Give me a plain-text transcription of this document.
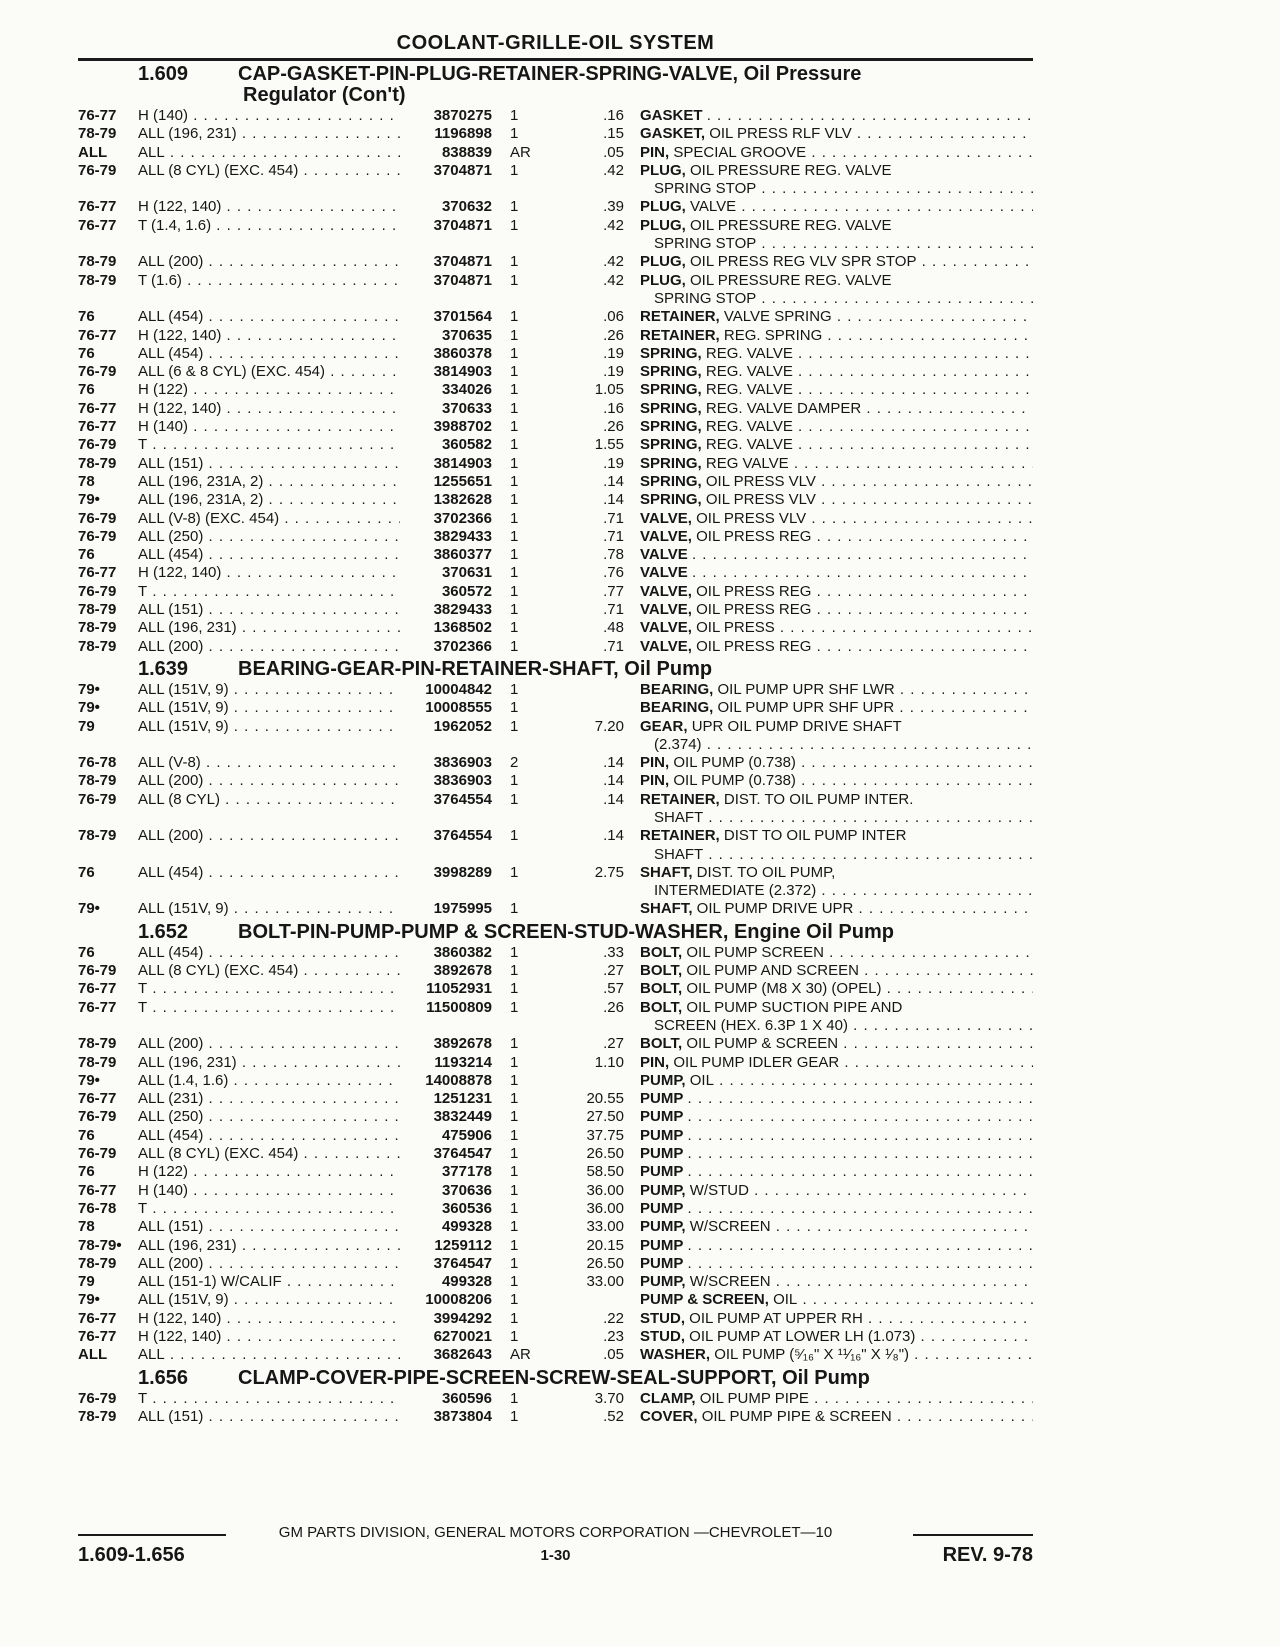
COOLANT-GRILLE-OIL SYSTEM
1.609 CAP-GASKET-PIN-PLUG-RETAINER-SPRING-VALVE, Oil Pressure
Regulator (Con't)
76-77	H (140) . . .	3870275 1	.16 GASKET . . .
78-79	ALL (196, 231) . . .	1196898 1	.15 GASKET, OIL PRESS RLF VLV . . .
ALL	ALL . . .	838839 AR	.05 PIN, SPECIAL GROOVE . . .
76-79	ALL (8 CYL) (EXC. 454) . . .	3704871 1	.42 PLUG, OIL PRESSURE REG. VALVE
SPRING STOP . . .
76-77	H (122, 140) . . .	370632 1	.39 PLUG, VALVE . . .
76-77	T (1.4, 1.6) . . .	3704871 1	.42 PLUG, OIL PRESSURE REG. VALVE
SPRING STOP . . .
78-79	ALL (200) . . .	3704871 1	.42 PLUG, OIL PRESS REG VLV SPR STOP . . .
78-79	T (1.6) . . .	3704871 1	.42 PLUG, OIL PRESSURE REG. VALVE
SPRING STOP . . .
76	ALL (454) . . .	3701564 1	.06 RETAINER, VALVE SPRING . . .
76-77	H (122, 140) . . .	370635 1	.26 RETAINER, REG. SPRING . . .
76	ALL (454) . . .	3860378 1	.19 SPRING, REG. VALVE . . .
76-79	ALL (6 & 8 CYL) (EXC. 454) . . .	3814903 1	.19 SPRING, REG. VALVE . . .
76	H (122) . . .	334026 1	1.05 SPRING, REG. VALVE . . .
76-77	H (122, 140) . . .	370633 1	.16 SPRING, REG. VALVE DAMPER . . .
76-77	H (140) . . .	3988702 1	.26 SPRING, REG. VALVE . . .
76-79	T . . .	360582 1	1.55 SPRING, REG. VALVE . . .
78-79	ALL (151) . . .	3814903 1	.19 SPRING, REG VALVE . . .
78	ALL (196, 231A, 2) . . .	1255651 1	.14 SPRING, OIL PRESS VLV . . .
79•	ALL (196, 231A, 2) . . .	1382628 1	.14 SPRING, OIL PRESS VLV . . .
76-79	ALL (V-8) (EXC. 454) . . .	3702366 1	.71 VALVE, OIL PRESS VLV . . .
76-79	ALL (250) . . .	3829433 1	.71 VALVE, OIL PRESS REG . . .
76	ALL (454) . . .	3860377 1	.78 VALVE . . .
76-77	H (122, 140) . . .	370631 1	.76 VALVE . . .
76-79	T . . .	360572 1	.77 VALVE, OIL PRESS REG . . .
78-79	ALL (151) . . .	3829433 1	.71 VALVE, OIL PRESS REG . . .
78-79	ALL (196, 231) . . .	1368502 1	.48 VALVE, OIL PRESS . . .
78-79	ALL (200) . . .	3702366 1	.71 VALVE, OIL PRESS REG . . .
1.639 BEARING-GEAR-PIN-RETAINER-SHAFT, Oil Pump
79•	ALL (151V, 9) . . .	10004842 1	BEARING, OIL PUMP UPR SHF LWR . . .
79•	ALL (151V, 9) . . .	10008555 1	BEARING, OIL PUMP UPR SHF UPR . . .
79	ALL (151V, 9) . . .	1962052 1	7.20 GEAR, UPR OIL PUMP DRIVE SHAFT
(2.374) . . .
76-78	ALL (V-8) . . .	3836903 2	.14 PIN, OIL PUMP (0.738) . . .
78-79	ALL (200) . . .	3836903 1	.14 PIN, OIL PUMP (0.738) . . .
76-79	ALL (8 CYL) . . .	3764554 1	.14 RETAINER, DIST. TO OIL PUMP INTER.
SHAFT . . .
78-79	ALL (200) . . .	3764554 1	.14 RETAINER, DIST TO OIL PUMP INTER
SHAFT . . .
76	ALL (454) . . .	3998289 1	2.75 SHAFT, DIST. TO OIL PUMP,
INTERMEDIATE (2.372) . . .
79•	ALL (151V, 9) . . .	1975995 1	SHAFT, OIL PUMP DRIVE UPR . . .
1.652 BOLT-PIN-PUMP-PUMP & SCREEN-STUD-WASHER, Engine Oil Pump
76	ALL (454) . . .	3860382 1	.33 BOLT, OIL PUMP SCREEN . . .
76-79	ALL (8 CYL) (EXC. 454) . . .	3892678 1	.27 BOLT, OIL PUMP AND SCREEN . . .
76-77	T . . .	11052931 1	.57 BOLT, OIL PUMP (M8 X 30) (OPEL) . . .
76-77	T . . .	11500809 1	.26 BOLT, OIL PUMP SUCTION PIPE AND
SCREEN (HEX. 6.3P 1 X 40) . . .
78-79	ALL (200) . . .	3892678 1	.27 BOLT, OIL PUMP & SCREEN . . .
78-79	ALL (196, 231) . . .	1193214 1	1.10 PIN, OIL PUMP IDLER GEAR . . .
79•	ALL (1.4, 1.6) . . .	14008878 1	PUMP, OIL . . .
76-77	ALL (231) . . .	1251231 1	20.55 PUMP . . .
76-79	ALL (250) . . .	3832449 1	27.50 PUMP . . .
76	ALL (454) . . .	475906 1	37.75 PUMP . . .
76-79	ALL (8 CYL) (EXC. 454) . . .	3764547 1	26.50 PUMP . . .
76	H (122) . . .	377178 1	58.50 PUMP . . .
76-77	H (140) . . .	370636 1	36.00 PUMP, W/STUD . . .
76-78	T . . .	360536 1	36.00 PUMP . . .
78	ALL (151) . . .	499328 1	33.00 PUMP, W/SCREEN . . .
78-79•	ALL (196, 231) . . .	1259112 1	20.15 PUMP . . .
78-79	ALL (200) . . .	3764547 1	26.50 PUMP . . .
79	ALL (151-1) W/CALIF . . .	499328 1	33.00 PUMP, W/SCREEN . . .
79•	ALL (151V, 9) . . .	10008206 1	PUMP & SCREEN, OIL . . .
76-77	H (122, 140) . . .	3994292 1	.22 STUD, OIL PUMP AT UPPER RH . . .
76-77	H (122, 140) . . .	6270021 1	.23 STUD, OIL PUMP AT LOWER LH (1.073) . . .
ALL	ALL . . .	3682643 AR	.05 WASHER, OIL PUMP (⁵⁄₁₆" X ¹¹⁄₁₆" X ¹⁄₈") . . .
1.656 CLAMP-COVER-PIPE-SCREEN-SCREW-SEAL-SUPPORT, Oil Pump
76-79	T . . .	360596 1	3.70 CLAMP, OIL PUMP PIPE . . .
78-79	ALL (151) . . .	3873804 1	.52 COVER, OIL PUMP PIPE & SCREEN . . .
GM PARTS DIVISION, GENERAL MOTORS CORPORATION —CHEVROLET—10
1.609-1.656	1-30	REV. 9-78
